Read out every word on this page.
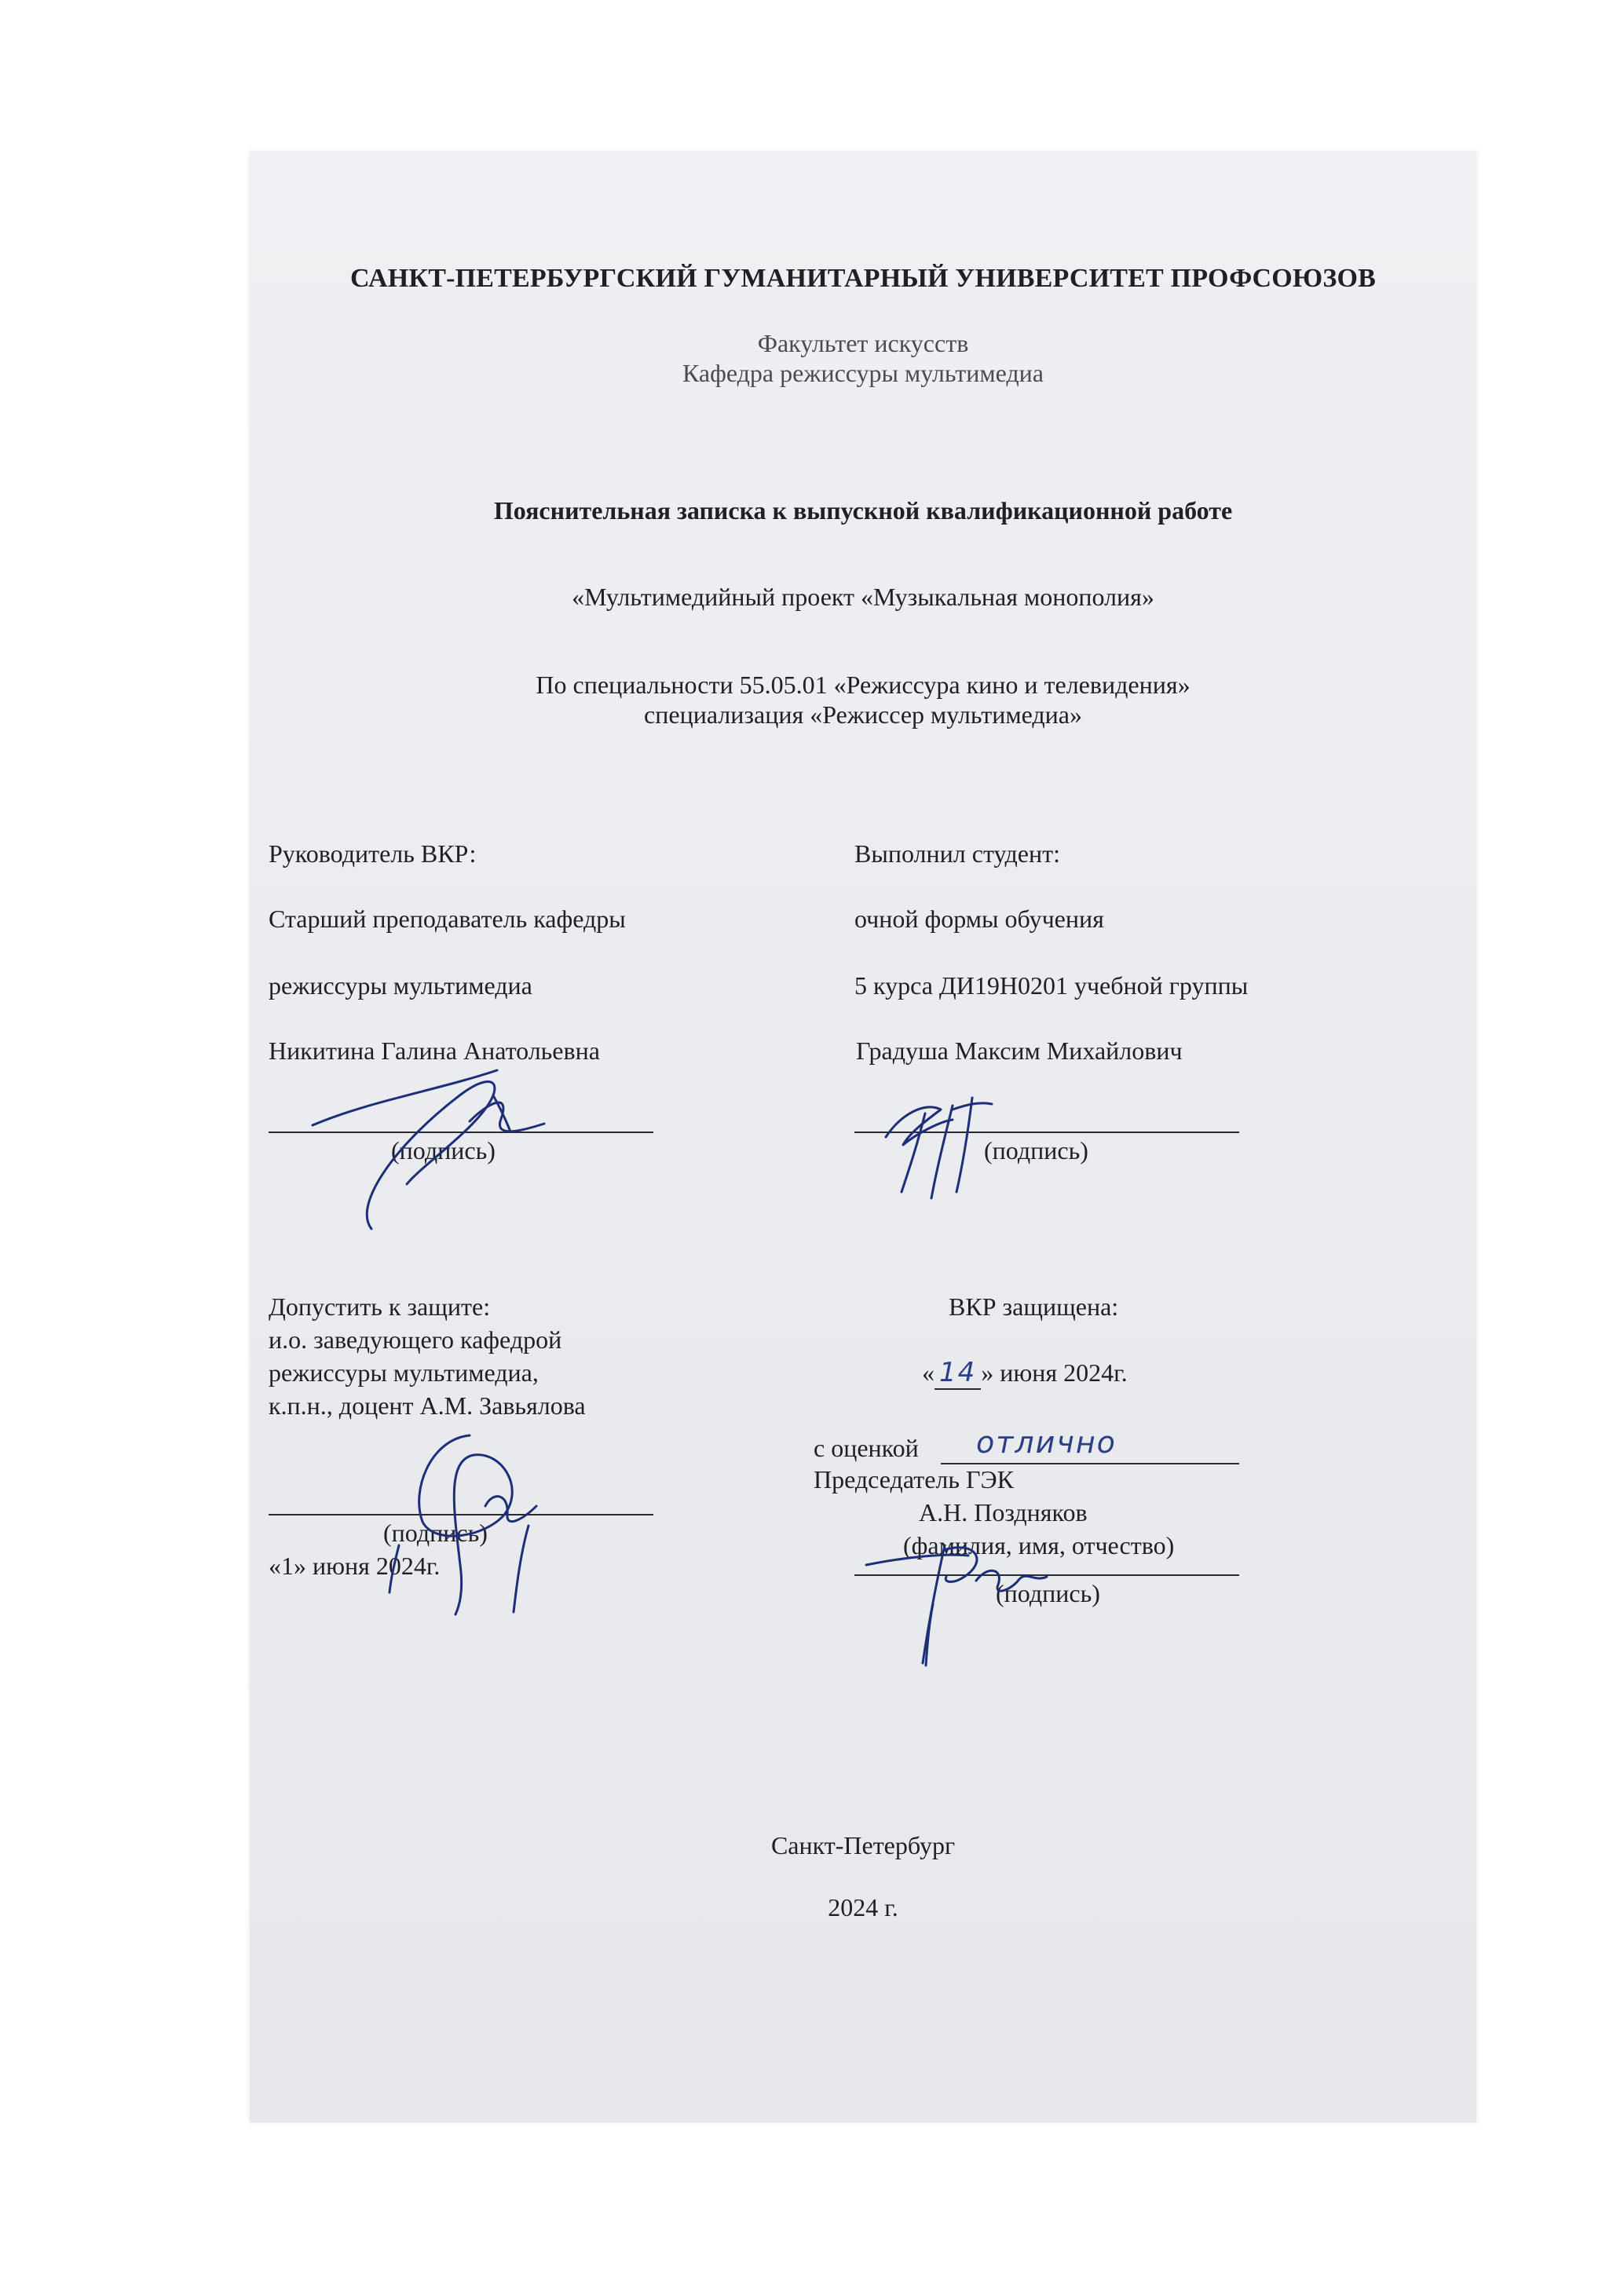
САНКТ-ПЕТЕРБУРГСКИЙ ГУМАНИТАРНЫЙ УНИВЕРСИТЕТ ПРОФСОЮЗОВ
Факультет искусств
Кафедра режиссуры мультимедиа
Пояснительная записка к выпускной квалификационной работе
«Мультимедийный проект «Музыкальная монополия»
По специальности 55.05.01 «Режиссура кино и телевидения»
специализация «Режиссер мультимедиа»
Руководитель ВКР:
Старший преподаватель кафедры
режиссуры мультимедиа
Никитина Галина Анатольевна
(подпись)
Выполнил студент:
очной формы обучения
5 курса ДИ19Н0201 учебной группы
Градуша Максим Михайлович
(подпись)
Допустить к защите:
и.о. заведующего кафедрой
режиссуры мультимедиа,
к.п.н., доцент А.М. Завьялова
(подпись)
«1» июня 2024г.
ВКР защищена:
« 14 » июня 2024г.
с оценкой отлично
Председатель ГЭК
А.Н. Поздняков
(фамилия, имя, отчество)
(подпись)
Санкт-Петербург
2024 г.
